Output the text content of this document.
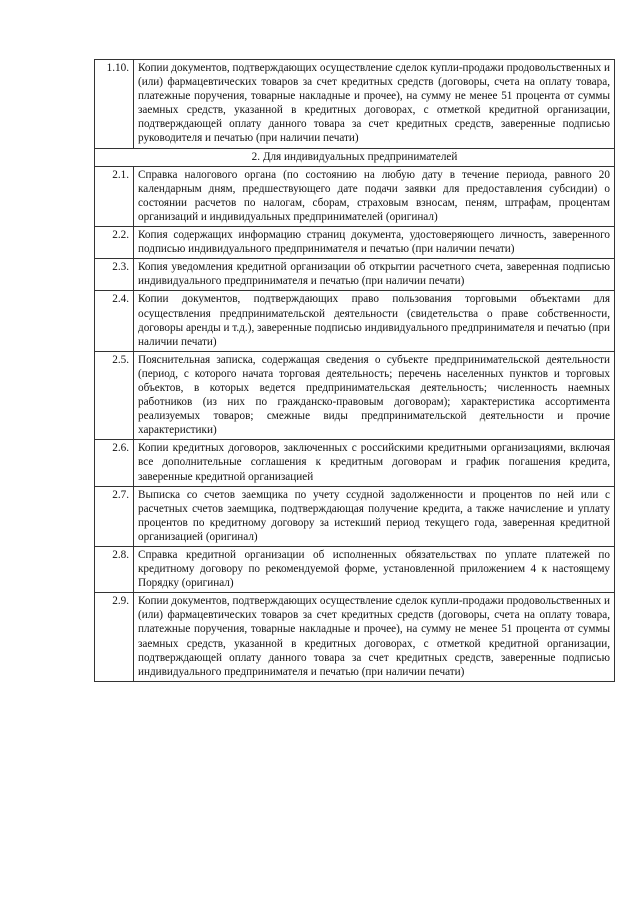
1.10.	Копии документов, подтверждающих осуществление сделок купли-продажи продовольственных и (или) фармацевтических товаров за счет кредитных средств (договоры, счета на оплату товара, платежные поручения, товарные накладные и прочее), на сумму не менее 51 процента от суммы заемных средств, указанной в кредитных договорах, с отметкой кредитной организации, подтверждающей оплату данного товара за счет кредитных средств, заверенные подписью руководителя и печатью (при наличии печати)
2. Для индивидуальных предпринимателей	
2.1.	Справка налогового органа (по состоянию на любую дату в течение периода, равного 20 календарным дням, предшествующего дате подачи заявки для предоставления субсидии) о состоянии расчетов по налогам, сборам, страховым взносам, пеням, штрафам, процентам организаций и индивидуальных предпринимателей (оригинал)
2.2.	Копия содержащих информацию страниц документа, удостоверяющего личность, заверенного подписью индивидуального предпринимателя и печатью (при наличии печати)
2.3.	Копия уведомления кредитной организации об открытии расчетного счета, заверенная подписью индивидуального предпринимателя и печатью (при наличии печати)
2.4.	Копии документов, подтверждающих право пользования торговыми объектами для осуществления предпринимательской деятельности (свидетельства о праве собственности, договоры аренды и т.д.), заверенные подписью индивидуального предпринимателя и печатью (при наличии печати)
2.5.	Пояснительная записка, содержащая сведения о субъекте предпринимательской деятельности (период, с которого начата торговая деятельность; перечень населенных пунктов и торговых объектов, в которых ведется предпринимательская деятельность; численность наемных работников (из них по гражданско-правовым договорам); характеристика ассортимента реализуемых товаров; смежные виды предпринимательской деятельности и прочие характеристики)
2.6.	Копии кредитных договоров, заключенных с российскими кредитными организациями, включая все дополнительные соглашения к кредитным договорам и график погашения кредита, заверенные кредитной организацией
2.7.	Выписка со счетов заемщика по учету ссудной задолженности и процентов по ней или с расчетных счетов заемщика, подтверждающая получение кредита, а также начисление и уплату процентов по кредитному договору за истекший период текущего года, заверенная кредитной организацией (оригинал)
2.8.	Справка кредитной организации об исполненных обязательствах по уплате платежей по кредитному договору по рекомендуемой форме, установленной приложением 4 к настоящему Порядку (оригинал)
2.9.	Копии документов, подтверждающих осуществление сделок купли-продажи продовольственных и (или) фармацевтических товаров за счет кредитных средств (договоры, счета на оплату товара, платежные поручения, товарные накладные и прочее), на сумму не менее 51 процента от суммы заемных средств, указанной в кредитных договорах, с отметкой кредитной организации, подтверждающей оплату данного товара за счет кредитных средств, заверенные подписью индивидуального предпринимателя и печатью (при наличии печати)
